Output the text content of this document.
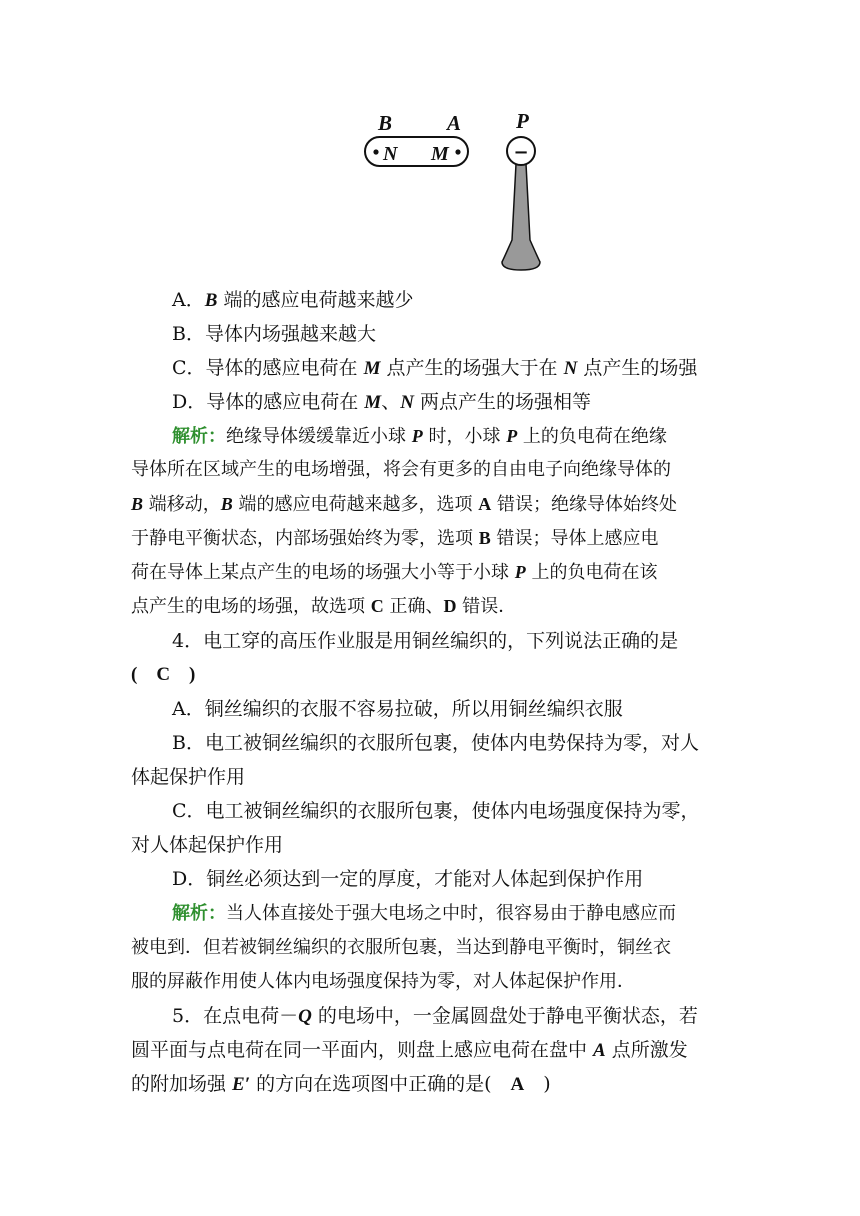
N M
B	A	P
−
A．B 端的感应电荷越来越少
B．导体内场强越来越大
C．导体的感应电荷在 M 点产生的场强大于在 N 点产生的场强
D．导体的感应电荷在 M、N 两点产生的场强相等
解析：绝缘导体缓缓靠近小球 P 时，小球 P 上的负电荷在绝缘
导体所在区域产生的电场增强，将会有更多的自由电子向绝缘导体的
B 端移动，B 端的感应电荷越来越多，选项 A 错误；绝缘导体始终处
于静电平衡状态，内部场强始终为零，选项 B 错误；导体上感应电
荷在导体上某点产生的电场的场强大小等于小球 P 上的负电荷在该
点产生的电场的场强，故选项 C 正确、D 错误．
4．电工穿的高压作业服是用铜丝编织的，下列说法正确的是
(　C　)
A．铜丝编织的衣服不容易拉破，所以用铜丝编织衣服
B．电工被铜丝编织的衣服所包裹，使体内电势保持为零，对人
体起保护作用
C．电工被铜丝编织的衣服所包裹，使体内电场强度保持为零，
对人体起保护作用
D．铜丝必须达到一定的厚度，才能对人体起到保护作用
解析：当人体直接处于强大电场之中时，很容易由于静电感应而
被电到．但若被铜丝编织的衣服所包裹，当达到静电平衡时，铜丝衣
服的屏蔽作用使人体内电场强度保持为零，对人体起保护作用．
5．在点电荷－Q 的电场中，一金属圆盘处于静电平衡状态，若
圆平面与点电荷在同一平面内，则盘上感应电荷在盘中 A 点所激发
的附加场强 E′ 的方向在选项图中正确的是(　A　)
